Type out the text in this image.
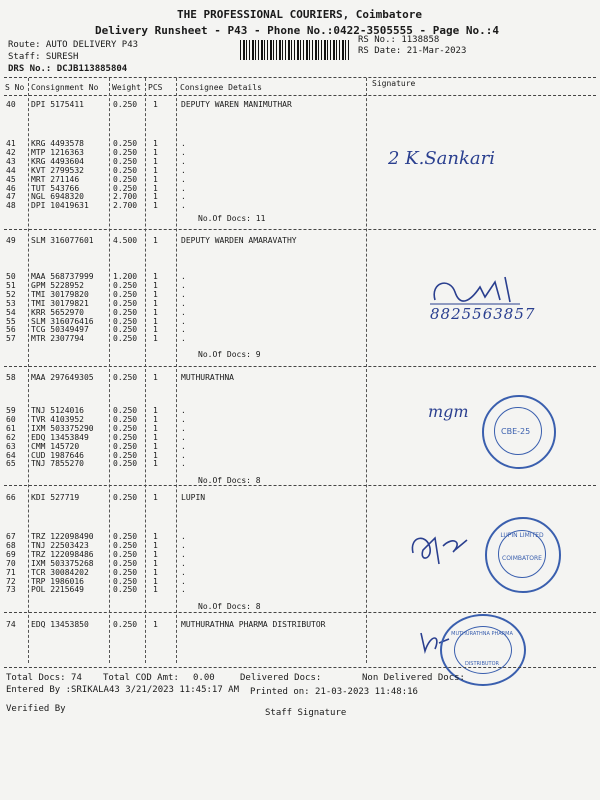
THE PROFESSIONAL COURIERS, Coimbatore
Delivery Runsheet - P43 - Phone No.:0422-3505555 - Page No.:4
Route: AUTO DELIVERY P43
Staff: SURESH
DRS No.: DCJB113885804
RS No.: 1138858
RS Date: 21-Mar-2023
S No Consignment No Weight PCS Consignee Details	Signature
40 DPI 5175411	0.250 1	DEPUTY WAREN MANIMUTHAR
41 KRG 4493578	0.250 1	.
42 MTP 1216363	0.250 1	.
43 KRG 4493604	0.250 1	.
44 KVT 2799532	0.250 1	.
45 MRT 271146	0.250 1	.
46 TUT 543766	0.250 1	.
47 NGL 6948320	2.700 1	.
48 DPI 10419631	2.700 1	.
No.Of Docs: 11
49 SLM 316077601 4.500 1	DEPUTY WARDEN AMARAVATHY
50 MAA 568737999 1.200 1	.
51 GPM 5228952	0.250 1	.
52 TMI 30179820	0.250 1	.
53 TMI 30179821	0.250 1	.
54 KRR 5652970	0.250 1	.
55 SLM 316076416 0.250 1	.
56 TCG 50349497	0.250 1	.
57 MTR 2307794	0.250 1	.
No.Of Docs: 9
58 MAA 297649305 0.250 1	MUTHURATHNA
59 TNJ 5124016	0.250 1	.
60 TVR 4103952	0.250 1	.
61 IXM 503375290 0.250 1	.
62 EDQ 13453849	0.250 1	.
63 CMM 145720	0.250 1	.
64 CUD 1987646	0.250 1	.
65 TNJ 7855270	0.250 1	.
No.Of Docs: 8
66 KDI 527719	0.250 1	LUPIN
67 TRZ 122098490 0.250 1	.
68 TNJ 22503423	0.250 1	.
69 TRZ 122098486 0.250 1	.
70 IXM 503375268 0.250 1	.
71 TCR 30084202	0.250 1	.
72 TRP 1986016	0.250 1	.
73 POL 2215649	0.250 1	.
No.Of Docs: 8
74 EDQ 13453850	0.250 1	MUTHURATHNA PHARMA DISTRIBUTOR
2 K.Sankari
8825563857
mgm
CBE-25
LUPIN LIMITED COIMBATORE
MUTHURATHNA PHARMA DISTRIBUTOR
Total Docs: 74 Total COD Amt: 0.00	Delivered Docs:	Non Delivered Docs:
Entered By :SRIKALA43 3/21/2023 11:45:17 AM Printed on: 21-03-2023 11:48:16
Verified By	Staff Signature
